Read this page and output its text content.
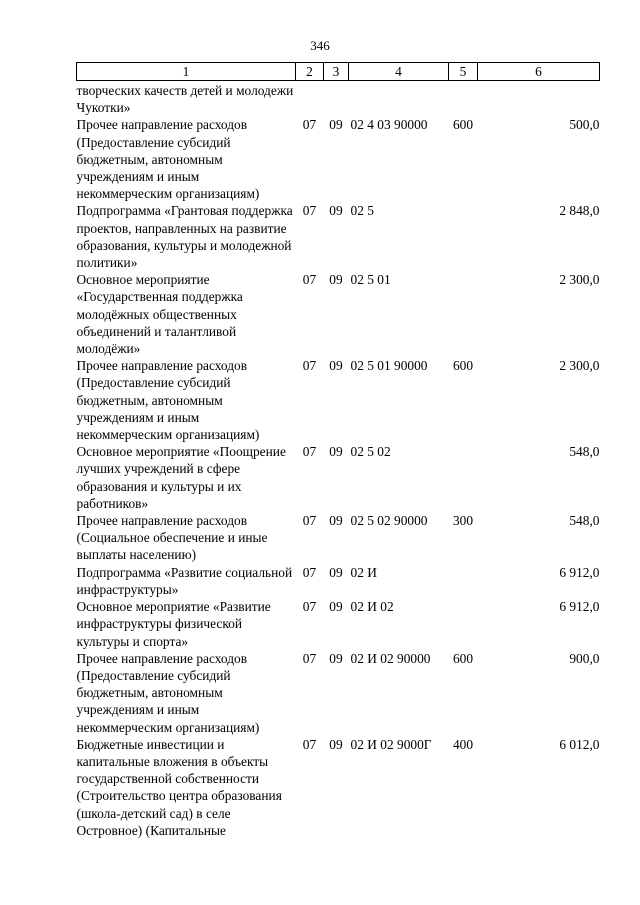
346
1	2	3	4	5	6
творческих качеств детей и молодежи Чукотки»					
Прочее направление расходов (Предоставление субсидий бюджетным, автономным учреждениям и иным некоммерческим организациям)	07	09	02 4 03 90000	600	500,0
Подпрограмма «Грантовая поддержка проектов, направленных на развитие образования, культуры и молодежной политики»	07	09	02 5		2 848,0
Основное мероприятие «Государственная поддержка молодёжных общественных объединений и талантливой молодёжи»	07	09	02 5 01		2 300,0
Прочее направление расходов (Предоставление субсидий бюджетным, автономным учреждениям и иным некоммерческим организациям)	07	09	02 5 01 90000	600	2 300,0
Основное мероприятие «Поощрение лучших учреждений в сфере образования и культуры и их работников»	07	09	02 5 02		548,0
Прочее направление расходов (Социальное обеспечение и иные выплаты населению)	07	09	02 5 02 90000	300	548,0
Подпрограмма «Развитие социальной инфраструктуры»	07	09	02 И		6 912,0
Основное мероприятие «Развитие инфраструктуры физической культуры и спорта»	07	09	02 И 02		6 912,0
Прочее направление расходов (Предоставление субсидий бюджетным, автономным учреждениям и иным некоммерческим организациям)	07	09	02 И 02 90000	600	900,0
Бюджетные инвестиции и капитальные вложения в объекты государственной собственности (Строительство центра образования (школа-детский сад) в селе Островное) (Капитальные	07	09	02 И 02 9000Г	400	6 012,0
